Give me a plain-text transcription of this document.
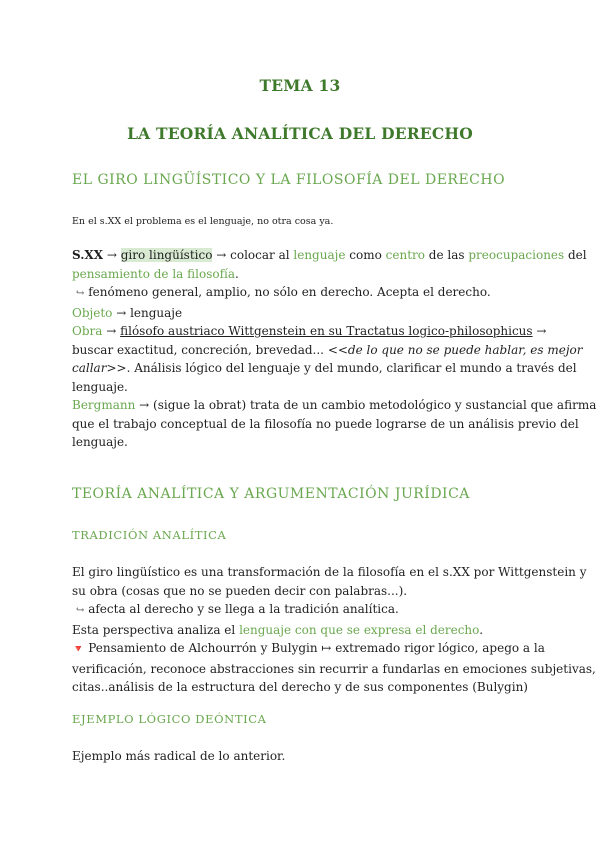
TEMA 13
LA TEORÍA ANALÍTICA DEL DERECHO
EL GIRO LINGÜÍSTICO Y LA FILOSOFÍA DEL DERECHO
En el s.XX el problema es el lenguaje, no otra cosa ya.
S.XX → giro lingüístico → colocar al lenguaje como centro de las preocupaciones del
pensamiento de la filosofía.
↪ fenómeno general, amplio, no sólo en derecho. Acepta el derecho.
Objeto → lenguaje
Obra → filósofo austriaco Wittgenstein en su Tractatus logico-philosophicus →
buscar exactitud, concreción, brevedad... <<de lo que no se puede hablar, es mejor
callar>>. Análisis lógico del lenguaje y del mundo, clarificar el mundo a través del
lenguaje.
Bergmann → (sigue la obrat) trata de un cambio metodológico y sustancial que afirma
que el trabajo conceptual de la filosofía no puede lograrse de un análisis previo del
lenguaje.
TEORÍA ANALÍTICA Y ARGUMENTACIÓN JURÍDICA
TRADICIÓN ANALÍTICA
El giro lingüístico es una transformación de la filosofía en el s.XX por Wittgenstein y
su obra (cosas que no se pueden decir con palabras...).
↪ afecta al derecho y se llega a la tradición analítica.
Esta perspectiva analiza el lenguaje con que se expresa el derecho.
🔻 Pensamiento de Alchourrón y Bulygin ↦ extremado rigor lógico, apego a la
verificación, reconoce abstracciones sin recurrir a fundarlas en emociones subjetivas,
citas..análisis de la estructura del derecho y de sus componentes (Bulygin)
EJEMPLO LÓGICO DEÓNTICA
Ejemplo más radical de lo anterior.
